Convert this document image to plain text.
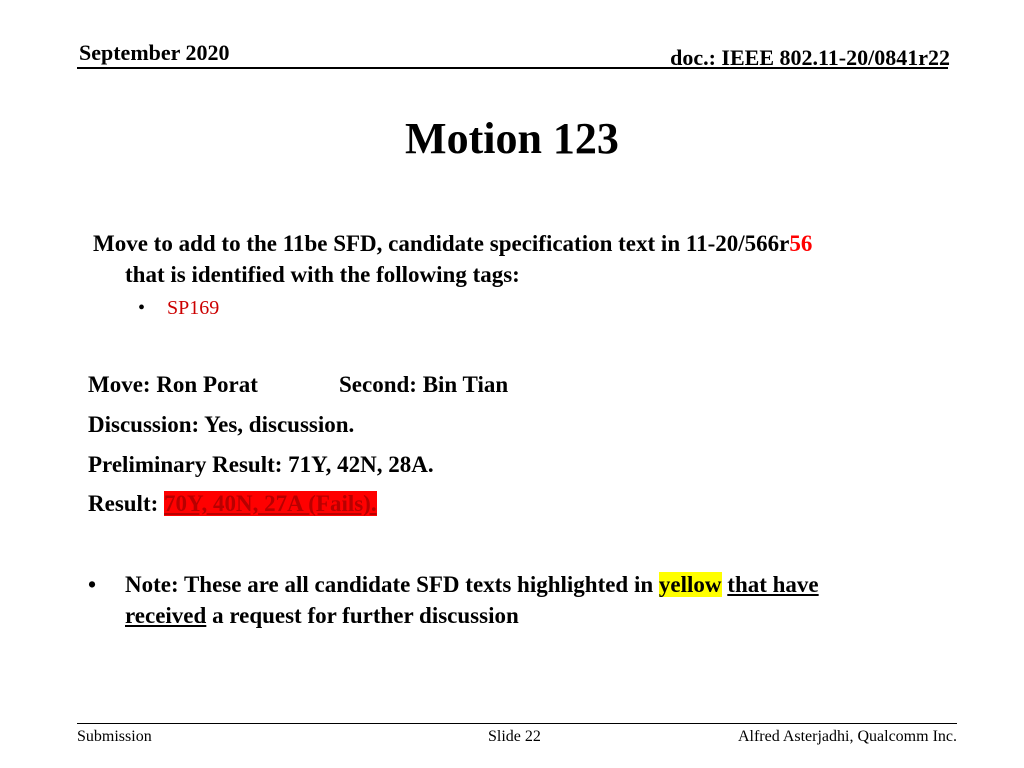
September 2020	doc.: IEEE 802.11-20/0841r22
Motion 123
Move to add to the 11be SFD, candidate specification text in 11-20/566r56
that is identified with the following tags:
• SP169
Move: Ron Porat	Second: Bin Tian
Discussion: Yes, discussion.
Preliminary Result: 71Y, 42N, 28A.
Result: 70Y, 40N, 27A (Fails).
• Note: These are all candidate SFD texts highlighted in yellow that have
received a request for further discussion
Submission	Slide 22	Alfred Asterjadhi, Qualcomm Inc.
